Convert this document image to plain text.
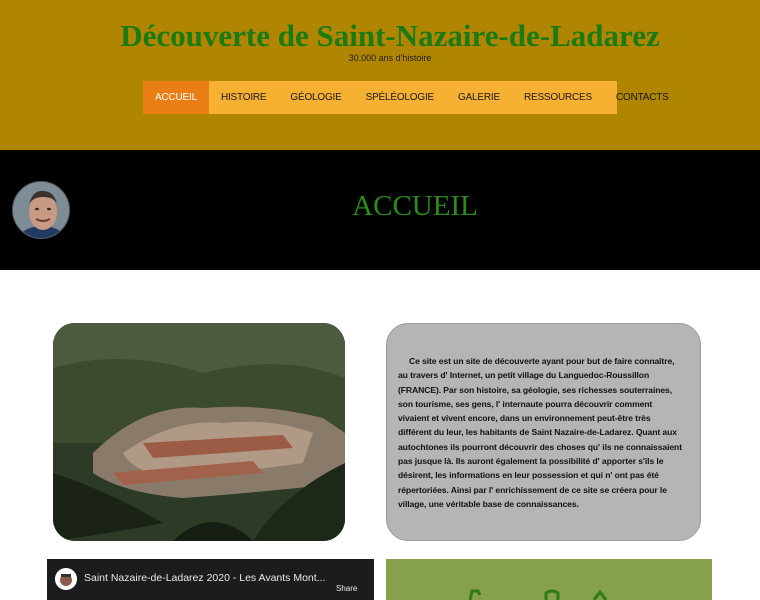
Découverte de Saint-Nazaire-de-Ladarez
30.000 ans d'histoire
ACCUEIL	HISTOIRE	GÉOLOGIE	SPÉLÉOLOGIE	GALERIE	RESSOURCES	CONTACTS
ACCUEIL

Ce site est un site de découverte ayant pour but de faire connaître, au travers d' Internet, un petit village du Languedoc-Roussillon (FRANCE). Par son histoire, sa géologie, ses richesses souterraines, son tourisme, ses gens, l' internaute pourra découvrir comment vivaient et vivent encore, dans un environnement peut-être très différent du leur, les habitants de Saint Nazaire-de-Ladarez. Quant aux autochtones ils pourront découvrir des choses qu' ils ne connaissaient pas jusque là. Ils auront également la possibilité d' apporter s'ils le désirent, les informations en leur possession et qui n' ont pas été répertoriées. Ainsi par l' enrichissement de ce site se créera pour le village, une véritable base de connaissances.

Saint Nazaire-de-Ladarez 2020 - Les Avants Mont...
Share
